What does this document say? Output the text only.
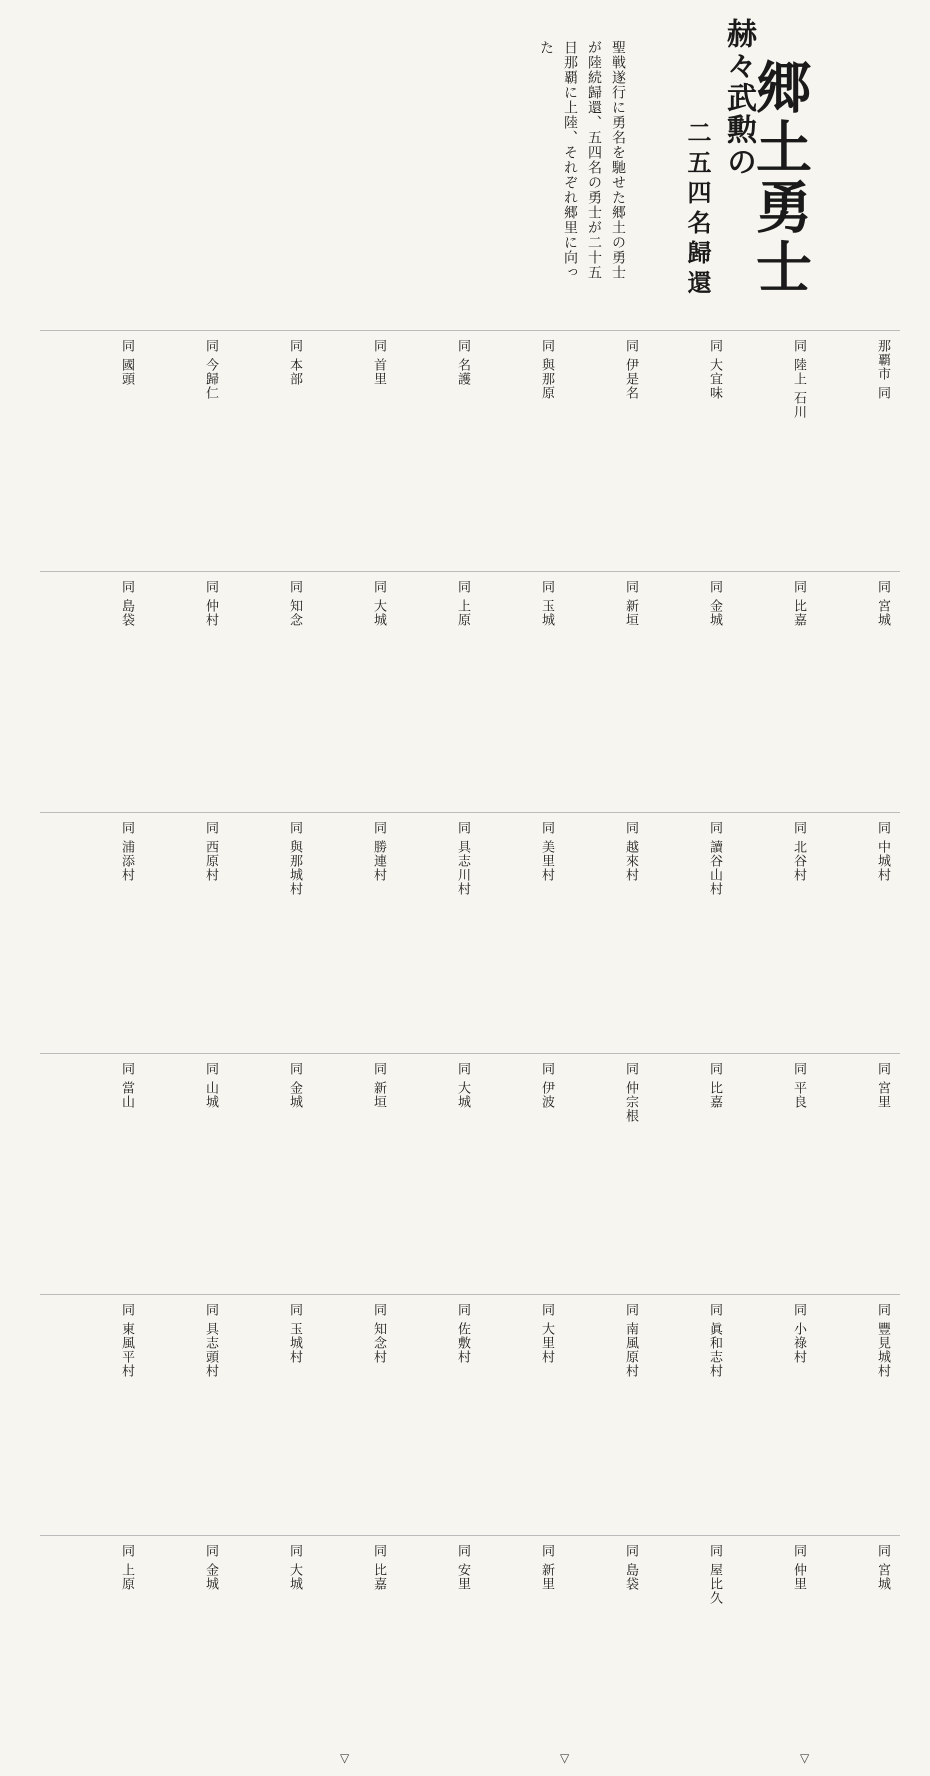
赫々武勲の
郷土勇士
二五四名歸還
聖戦遂行に勇名を馳せた郷土の勇士が陸続歸還、五四名の勇士が二十五日那覇に上陸、それぞれ郷里に向った
那覇市 同
同 陸上 石川
同 大宜味
同 伊是名
同 與那原
同 名護
同 首里
同 本部
同 今歸仁
同 國頭
同 宮城
同 比嘉
同 金城
同 新垣
同 玉城
同 上原
同 大城
同 知念
同 仲村
同 島袋
同 中城村
同 北谷村
同 讀谷山村
同 越來村
同 美里村
同 具志川村
同 勝連村
同 與那城村
同 西原村
同 浦添村
同 宮里
同 平良
同 比嘉
同 仲宗根
同 伊波
同 大城
同 新垣
同 金城
同 山城
同 當山
同 豐見城村
同 小祿村
同 眞和志村
同 南風原村
同 大里村
同 佐敷村
同 知念村
同 玉城村
同 具志頭村
同 東風平村
同 宮城
同 仲里
同 屋比久
同 島袋
同 新里
同 安里
同 比嘉
同 大城
同 金城
同 上原
▽	▽	▽
